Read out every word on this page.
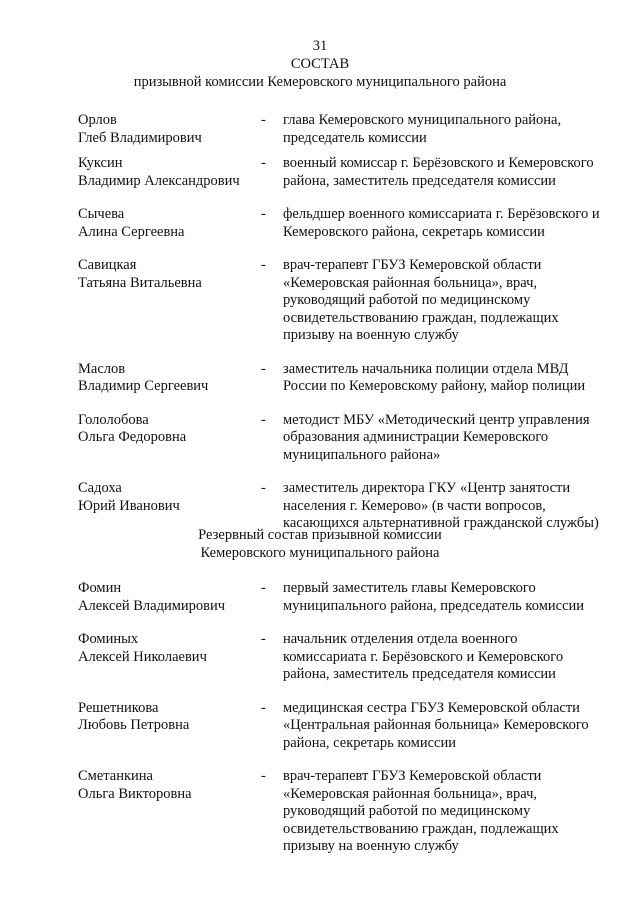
31
СОСТАВ
призывной комиссии Кемеровского муниципального района
Орлов
Глеб Владимирович
- глава Кемеровского муниципального района, председатель комиссии
Куксин
Владимир Александрович
- военный комиссар г. Берёзовского и Кемеровского района, заместитель председателя комиссии
Сычева
Алина Сергеевна
- фельдшер военного комиссариата г. Берёзовского и Кемеровского района, секретарь комиссии
Савицкая
Татьяна Витальевна
- врач-терапевт ГБУЗ Кемеровской области «Кемеровская районная больница», врач, руководящий работой по медицинскому освидетельствованию граждан, подлежащих призыву на военную службу
Маслов
Владимир Сергеевич
- заместитель начальника полиции отдела МВД России по Кемеровскому району, майор полиции
Гололобова
Ольга Федоровна
- методист МБУ «Методический центр управления образования администрации Кемеровского муниципального района»
Садоха
Юрий Иванович
- заместитель директора ГКУ «Центр занятости населения г. Кемерово» (в части вопросов, касающихся альтернативной гражданской службы)
Резервный состав призывной комиссии
Кемеровского муниципального района
Фомин
Алексей Владимирович
- первый заместитель главы Кемеровского муниципального района, председатель комиссии
Фоминых
Алексей Николаевич
- начальник отделения отдела военного комиссариата г. Берёзовского и Кемеровского района, заместитель председателя комиссии
Решетникова
Любовь Петровна
- медицинская сестра ГБУЗ Кемеровской области «Центральная районная больница» Кемеровского района, секретарь комиссии
Сметанкина
Ольга Викторовна
- врач-терапевт ГБУЗ Кемеровской области «Кемеровская районная больница», врач, руководящий работой по медицинскому освидетельствованию граждан, подлежащих призыву на военную службу
